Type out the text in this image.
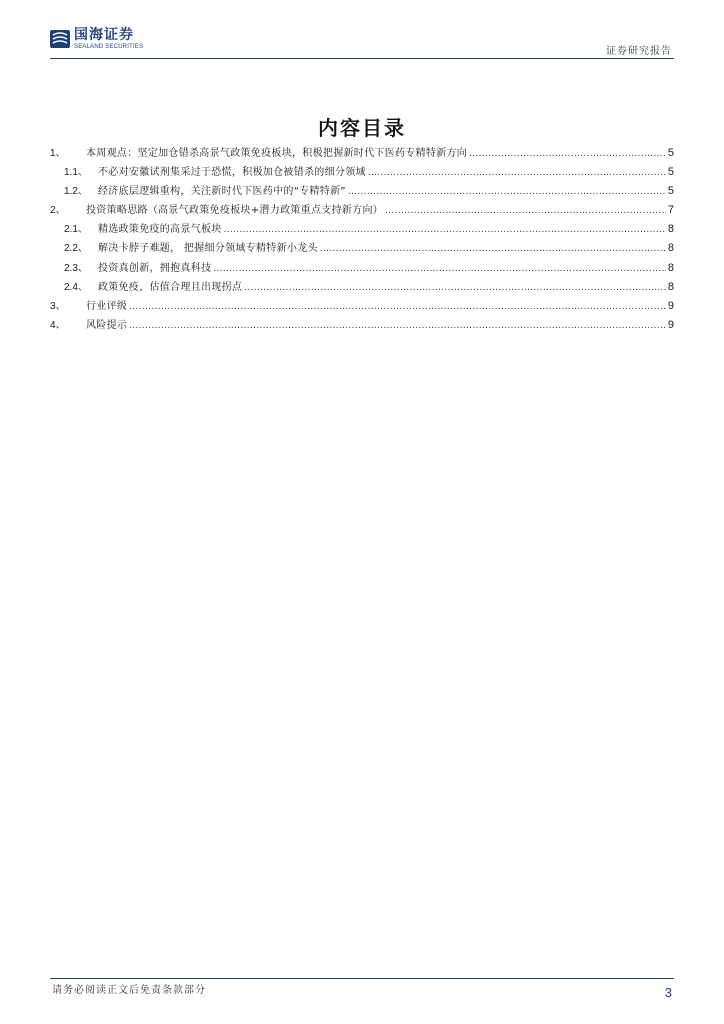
国海证券
SEALAND SECURITIES	证券研究报告
内容目录
1、	本周观点：坚定加仓错杀高景气政策免疫板块，积极把握新时代下医药专精特新方向 .....	5
1.1、	不必对安徽试剂集采过于恐慌，积极加仓被错杀的细分领域 .....	5
1.2、	经济底层逻辑重构，关注新时代下医药中的“专精特新” .....	5
2、	投资策略思路（高景气政策免疫板块+潜力政策重点支持新方向） .....	7
2.1、	精选政策免疫的高景气板块 .....	8
2.2、	解决卡脖子难题， 把握细分领域专精特新小龙头 .....	8
2.3、	投资真创新，拥抱真科技 .....	8
2.4、	政策免疫，估值合理且出现拐点 .....	8
3、	行业评级 .....	9
4、	风险提示 .....	9
请务必阅读正文后免责条款部分	3
